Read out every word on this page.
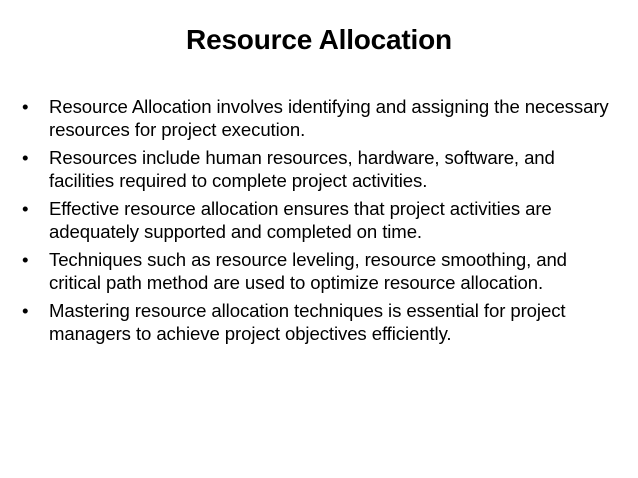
Resource Allocation
•	Resource Allocation involves identifying and assigning the necessary resources for project execution.
•	Resources include human resources, hardware, software, and facilities required to complete project activities.
•	Effective resource allocation ensures that project activities are adequately supported and completed on time.
•	Techniques such as resource leveling, resource smoothing, and critical path method are used to optimize resource allocation.
•	Mastering resource allocation techniques is essential for project managers to achieve project objectives efficiently.
